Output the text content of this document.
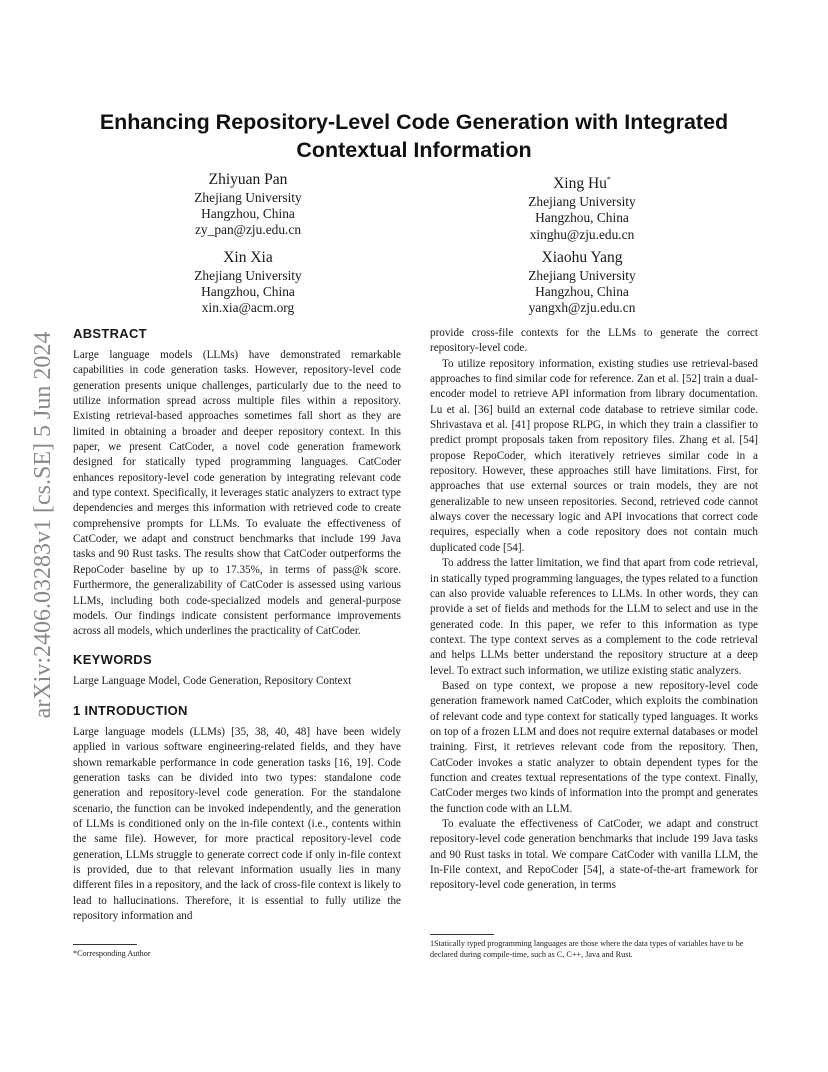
arXiv:2406.03283v1 [cs.SE] 5 Jun 2024
Enhancing Repository-Level Code Generation with Integrated Contextual Information
Zhiyuan Pan
Zhejiang University
Hangzhou, China
zy_pan@zju.edu.cn
Xing Hu*
Zhejiang University
Hangzhou, China
xinghu@zju.edu.cn
Xin Xia
Zhejiang University
Hangzhou, China
xin.xia@acm.org
Xiaohu Yang
Zhejiang University
Hangzhou, China
yangxh@zju.edu.cn
ABSTRACT

Large language models (LLMs) have demonstrated remarkable capabilities in code generation tasks. However, repository-level code generation presents unique challenges, particularly due to the need to utilize information spread across multiple files within a repository. Existing retrieval-based approaches sometimes fall short as they are limited in obtaining a broader and deeper repository context. In this paper, we present CatCoder, a novel code generation framework designed for statically typed programming languages. CatCoder enhances repository-level code generation by integrating relevant code and type context. Specifically, it leverages static analyzers to extract type dependencies and merges this information with retrieved code to create comprehensive prompts for LLMs. To evaluate the effectiveness of CatCoder, we adapt and construct benchmarks that include 199 Java tasks and 90 Rust tasks. The results show that CatCoder outperforms the RepoCoder baseline by up to 17.35%, in terms of pass@k score. Furthermore, the generalizability of CatCoder is assessed using various LLMs, including both code-specialized models and general-purpose models. Our findings indicate consistent performance improvements across all models, which underlines the practicality of CatCoder.

KEYWORDS

Large Language Model, Code Generation, Repository Context

1 INTRODUCTION

Large language models (LLMs) [35, 38, 40, 48] have been widely applied in various software engineering-related fields, and they have shown remarkable performance in code generation tasks [16, 19]. Code generation tasks can be divided into two types: standalone code generation and repository-level code generation. For the standalone scenario, the function can be invoked independently, and the generation of LLMs is conditioned only on the in-file context (i.e., contents within the same file). However, for more practical repository-level code generation, LLMs struggle to generate correct code if only in-file context is provided, due to that relevant information usually lies in many different files in a repository, and the lack of cross-file context is likely to lead to hallucinations. Therefore, it is essential to fully utilize the repository information and

*Corresponding Author

provide cross-file contexts for the LLMs to generate the correct repository-level code.

To utilize repository information, existing studies use retrieval-based approaches to find similar code for reference. Zan et al. [52] train a dual-encoder model to retrieve API information from library documentation. Lu et al. [36] build an external code database to retrieve similar code. Shrivastava et al. [41] propose RLPG, in which they train a classifier to predict prompt proposals taken from repository files. Zhang et al. [54] propose RepoCoder, which iteratively retrieves similar code in a repository. However, these approaches still have limitations. First, for approaches that use external sources or train models, they are not generalizable to new unseen repositories. Second, retrieved code cannot always cover the necessary logic and API invocations that correct code requires, especially when a code repository does not contain much duplicated code [54].

To address the latter limitation, we find that apart from code retrieval, in statically typed programming languages, the types related to a function can also provide valuable references to LLMs. In other words, they can provide a set of fields and methods for the LLM to select and use in the generated code. In this paper, we refer to this information as type context. The type context serves as a complement to the code retrieval and helps LLMs better understand the repository structure at a deep level. To extract such information, we utilize existing static analyzers.

Based on type context, we propose a new repository-level code generation framework named CatCoder, which exploits the combination of relevant code and type context for statically typed languages. It works on top of a frozen LLM and does not require external databases or model training. First, it retrieves relevant code from the repository. Then, CatCoder invokes a static analyzer to obtain dependent types for the function and creates textual representations of the type context. Finally, CatCoder merges two kinds of information into the prompt and generates the function code with an LLM.

To evaluate the effectiveness of CatCoder, we adapt and construct repository-level code generation benchmarks that include 199 Java tasks and 90 Rust tasks in total. We compare CatCoder with vanilla LLM, the In-File context, and RepoCoder [54], a state-of-the-art framework for repository-level code generation, in terms

1Statically typed programming languages are those where the data types of variables have to be declared during compile-time, such as C, C++, Java and Rust.
